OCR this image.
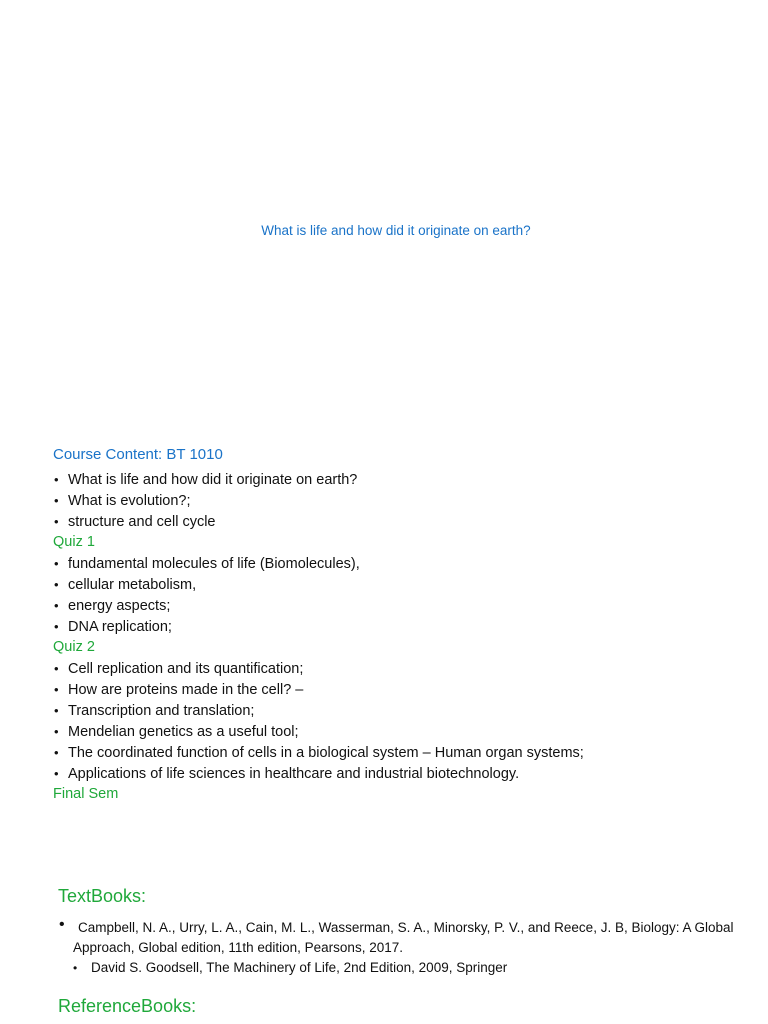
What is life and how did it originate on earth?
Course Content: BT 1010
• What is life and how did it originate on earth?
• What is evolution?;
• structure and cell cycle
Quiz 1
• fundamental molecules of life (Biomolecules),
• cellular metabolism,
• energy aspects;
• DNA replication;
Quiz 2
• Cell replication and its quantification;
• How are proteins made in the cell? –
• Transcription and translation;
• Mendelian genetics as a useful tool;
• The coordinated function of cells in a biological system – Human organ systems;
• Applications of life sciences in healthcare and industrial biotechnology.
Final Sem
TextBooks:
• Campbell, N. A., Urry, L. A., Cain, M. L., Wasserman, S. A., Minorsky, P. V., and Reece, J. B, Biology: A Global Approach, Global edition, 11th edition, Pearsons, 2017.
• David S. Goodsell, The Machinery of Life, 2nd Edition, 2009, Springer
ReferenceBooks:
